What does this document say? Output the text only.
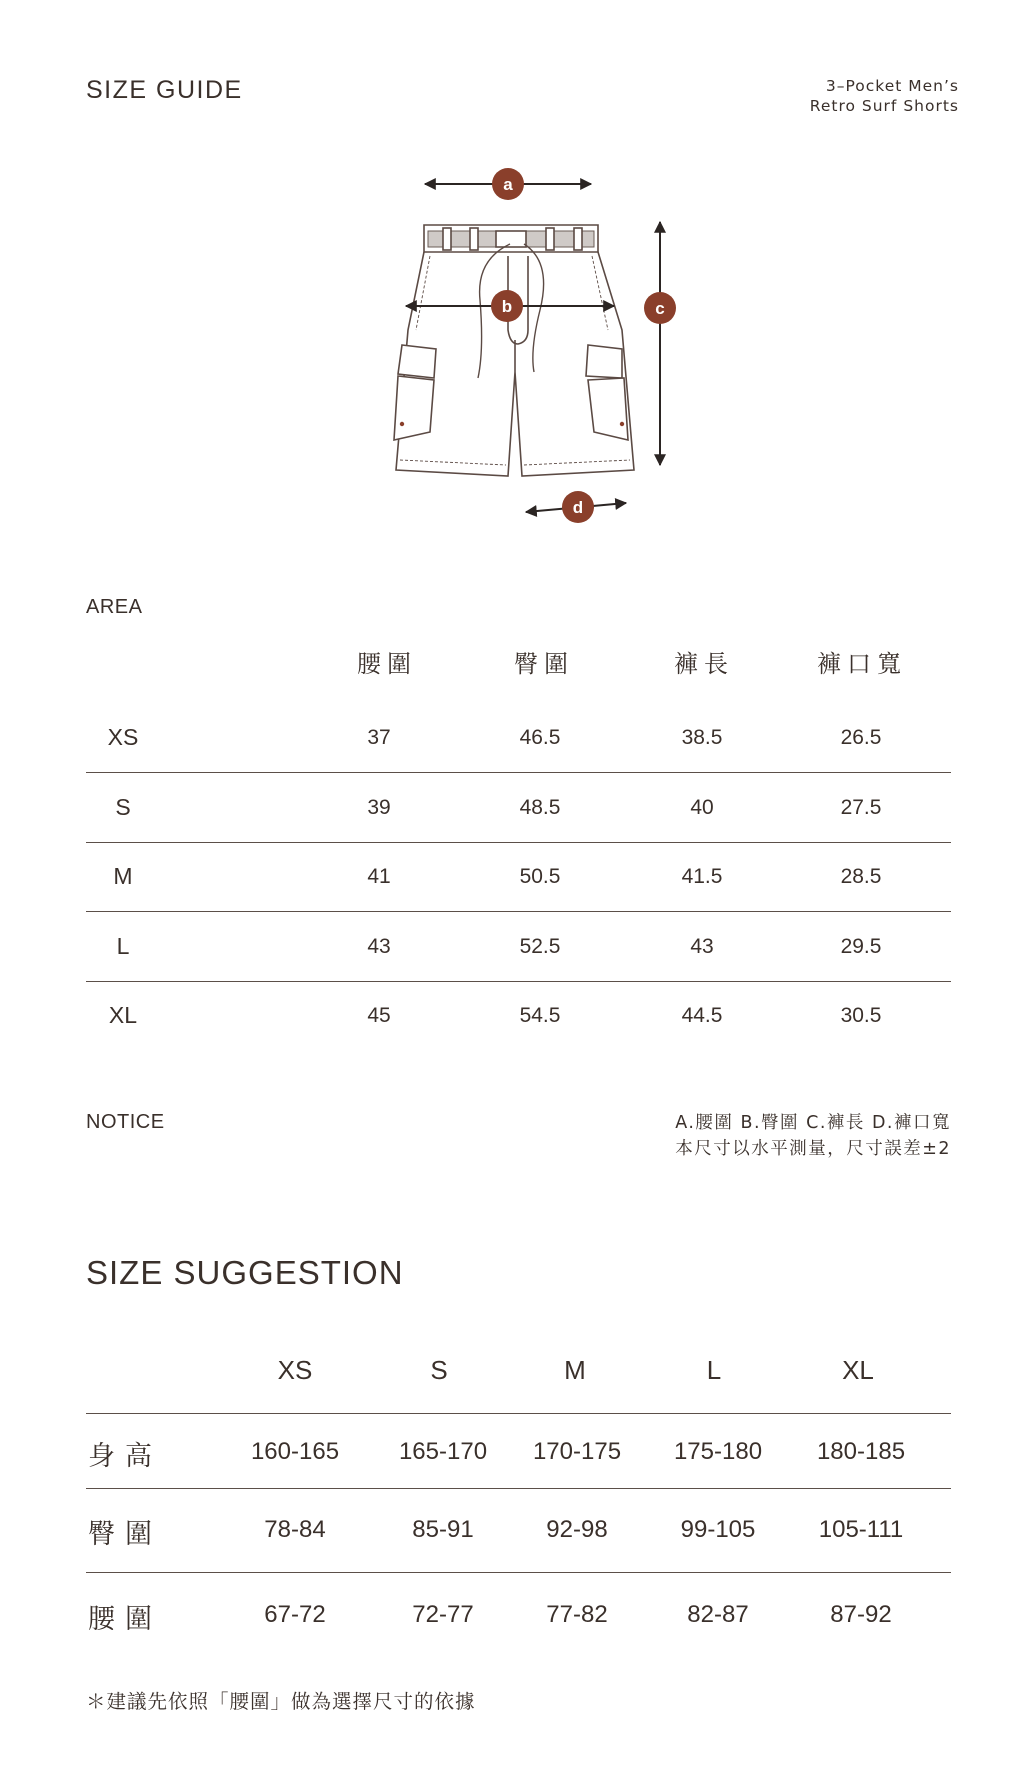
SIZE GUIDE	3–Pocket Men’s
Retro Surf Shorts
a
b	c
d
AREA
腰圍	臀圍	褲長	褲口寬
XS	37	46.5	38.5	26.5
S	39	48.5	40	27.5
M	41	50.5	41.5	28.5
L	43	52.5	43	29.5
XL	45	54.5	44.5	30.5
NOTICE	A.腰圍 B.臀圍 C.褲長 D.褲口寬
本尺寸以水平測量，尺寸誤差±2
SIZE SUGGESTION
XS	S	M	L	XL
身高	160-165 165-170 170-175 175-180 180-185
臀圍	78-84	85-91	92-98	99-105	105-111
腰圍	67-72	72-77	77-82	82-87	87-92
＊建議先依照「腰圍」做為選擇尺寸的依據
